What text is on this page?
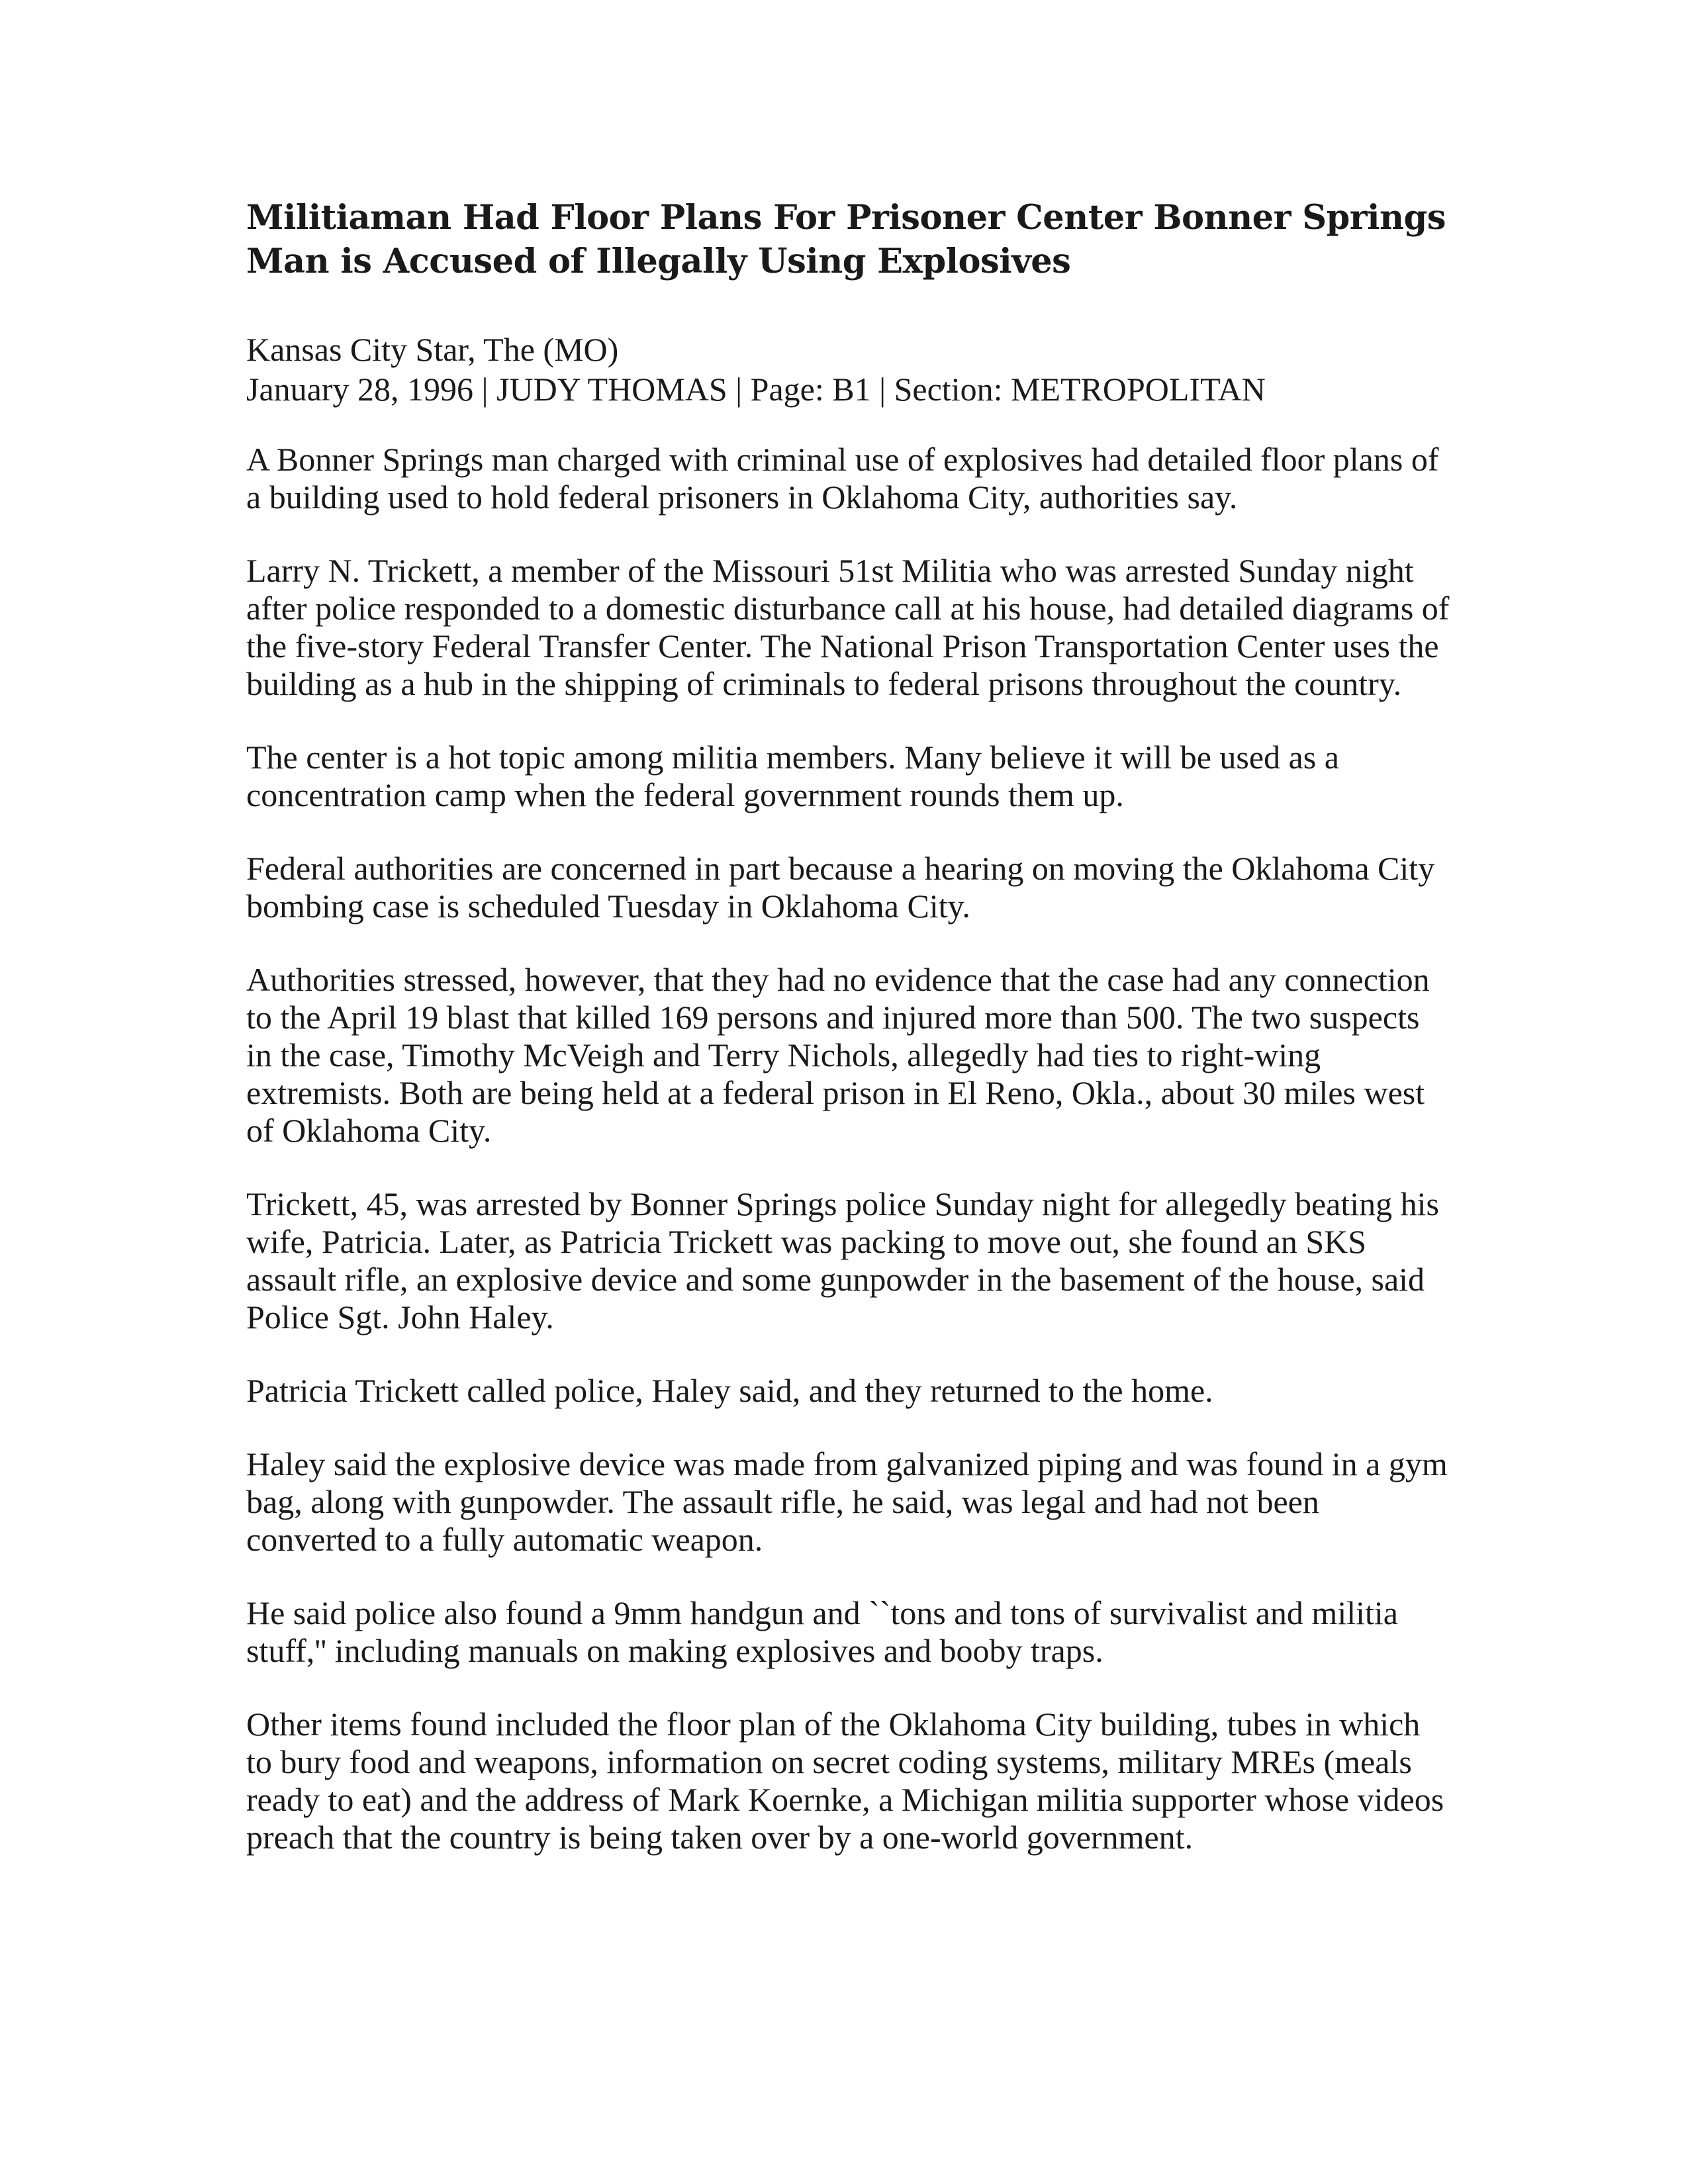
Militiaman Had Floor Plans For Prisoner Center Bonner Springs Man is Accused of Illegally Using Explosives
Kansas City Star, The (MO)
January 28, 1996 | JUDY THOMAS | Page: B1 | Section: METROPOLITAN

A Bonner Springs man charged with criminal use of explosives had detailed floor plans of a building used to hold federal prisoners in Oklahoma City, authorities say.

Larry N. Trickett, a member of the Missouri 51st Militia who was arrested Sunday night after police responded to a domestic disturbance call at his house, had detailed diagrams of the five-story Federal Transfer Center. The National Prison Transportation Center uses the building as a hub in the shipping of criminals to federal prisons throughout the country.

The center is a hot topic among militia members. Many believe it will be used as a concentration camp when the federal government rounds them up.

Federal authorities are concerned in part because a hearing on moving the Oklahoma City bombing case is scheduled Tuesday in Oklahoma City.

Authorities stressed, however, that they had no evidence that the case had any connection to the April 19 blast that killed 169 persons and injured more than 500. The two suspects in the case, Timothy McVeigh and Terry Nichols, allegedly had ties to right-wing extremists. Both are being held at a federal prison in El Reno, Okla., about 30 miles west of Oklahoma City.

Trickett, 45, was arrested by Bonner Springs police Sunday night for allegedly beating his wife, Patricia. Later, as Patricia Trickett was packing to move out, she found an SKS assault rifle, an explosive device and some gunpowder in the basement of the house, said Police Sgt. John Haley.

Patricia Trickett called police, Haley said, and they returned to the home.

Haley said the explosive device was made from galvanized piping and was found in a gym bag, along with gunpowder. The assault rifle, he said, was legal and had not been converted to a fully automatic weapon.

He said police also found a 9mm handgun and ``tons and tons of survivalist and militia stuff,'' including manuals on making explosives and booby traps.

Other items found included the floor plan of the Oklahoma City building, tubes in which to bury food and weapons, information on secret coding systems, military MREs (meals ready to eat) and the address of Mark Koernke, a Michigan militia supporter whose videos preach that the country is being taken over by a one-world government.
